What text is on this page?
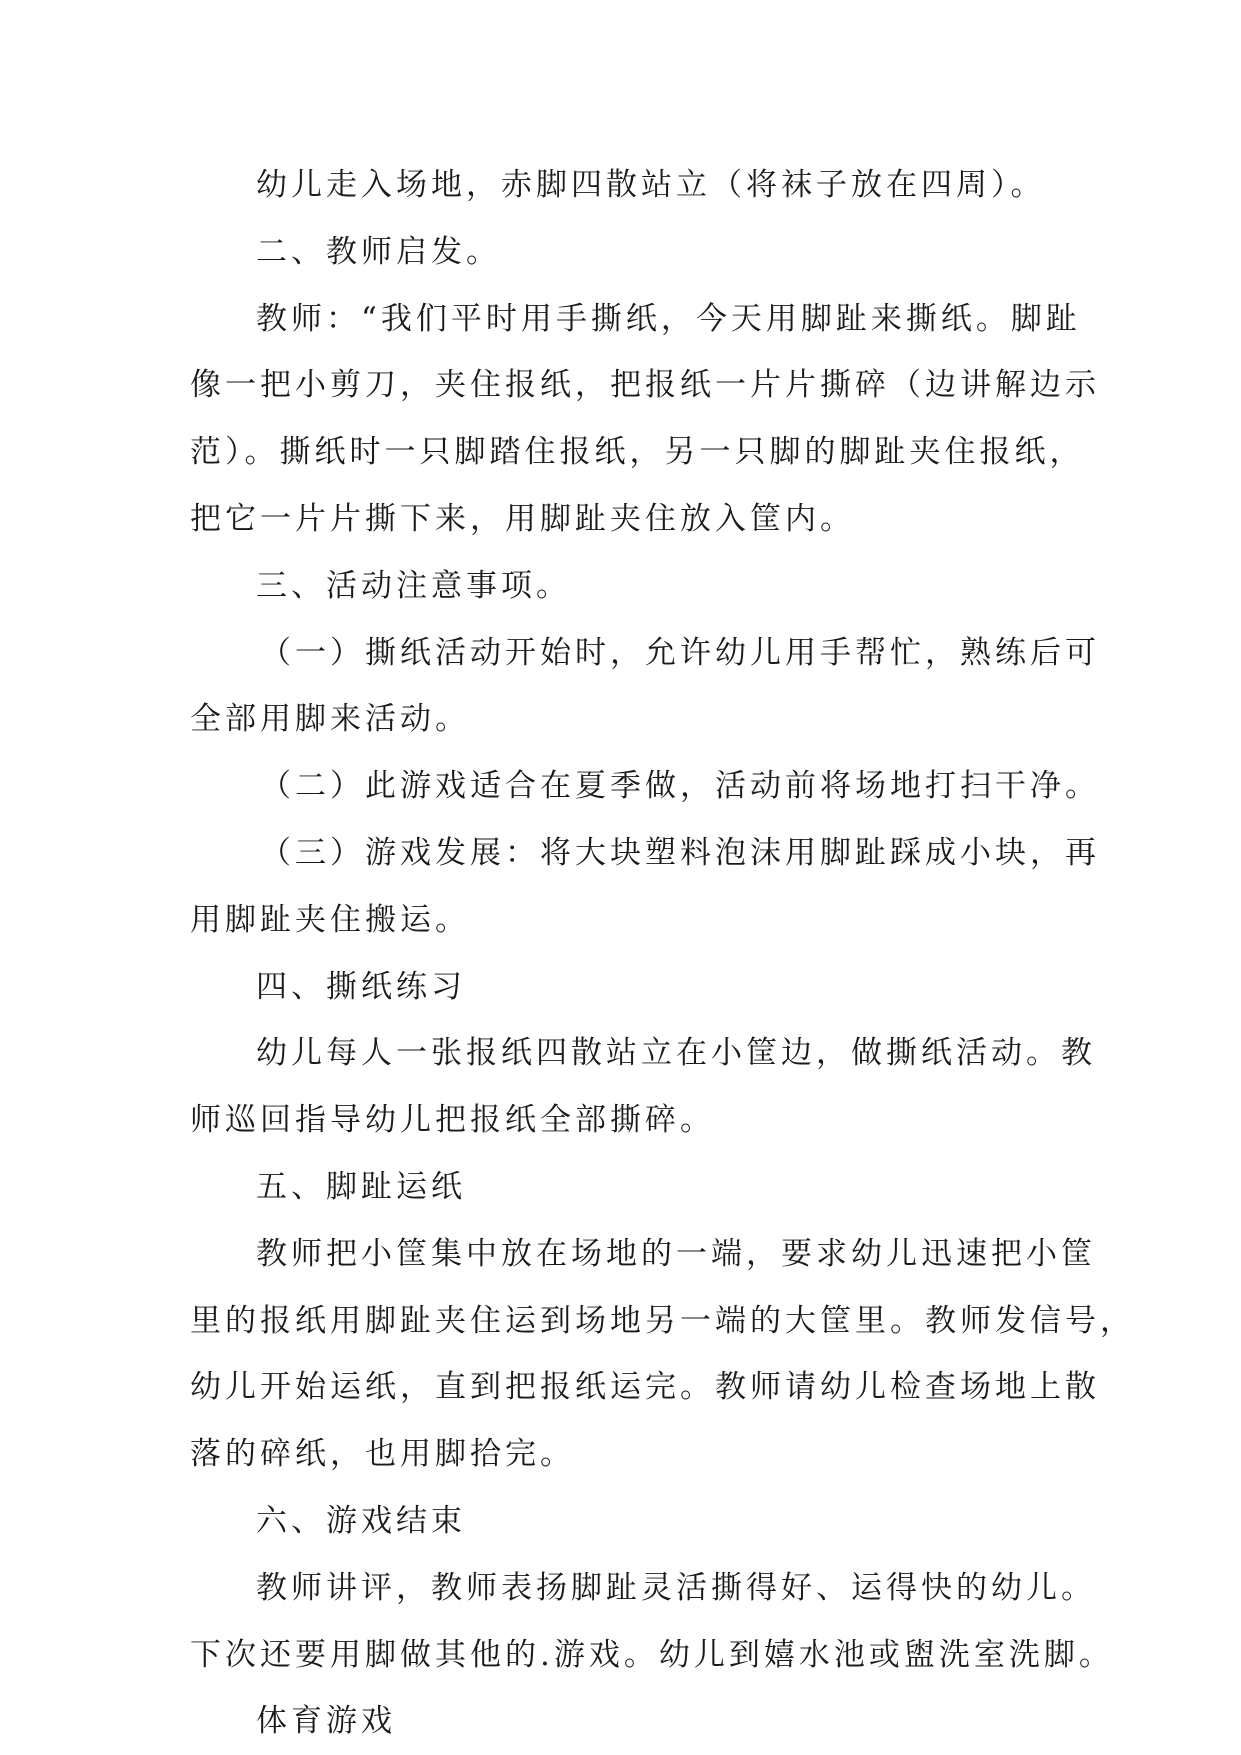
幼儿走入场地，赤脚四散站立（将袜子放在四周）。
二、教师启发。
教师：“我们平时用手撕纸，今天用脚趾来撕纸。脚趾
像一把小剪刀，夹住报纸，把报纸一片片撕碎（边讲解边示
范）。撕纸时一只脚踏住报纸，另一只脚的脚趾夹住报纸，
把它一片片撕下来，用脚趾夹住放入筐内。
三、活动注意事项。
（一）撕纸活动开始时，允许幼儿用手帮忙，熟练后可
全部用脚来活动。
（二）此游戏适合在夏季做，活动前将场地打扫干净。
（三）游戏发展：将大块塑料泡沫用脚趾踩成小块，再
用脚趾夹住搬运。
四、撕纸练习
幼儿每人一张报纸四散站立在小筐边，做撕纸活动。教
师巡回指导幼儿把报纸全部撕碎。
五、脚趾运纸
教师把小筐集中放在场地的一端，要求幼儿迅速把小筐
里的报纸用脚趾夹住运到场地另一端的大筐里。教师发信号，
幼儿开始运纸，直到把报纸运完。教师请幼儿检查场地上散
落的碎纸，也用脚拾完。
六、游戏结束
教师讲评，教师表扬脚趾灵活撕得好、运得快的幼儿。
下次还要用脚做其他的.游戏。幼儿到嬉水池或盥洗室洗脚。
体育游戏
